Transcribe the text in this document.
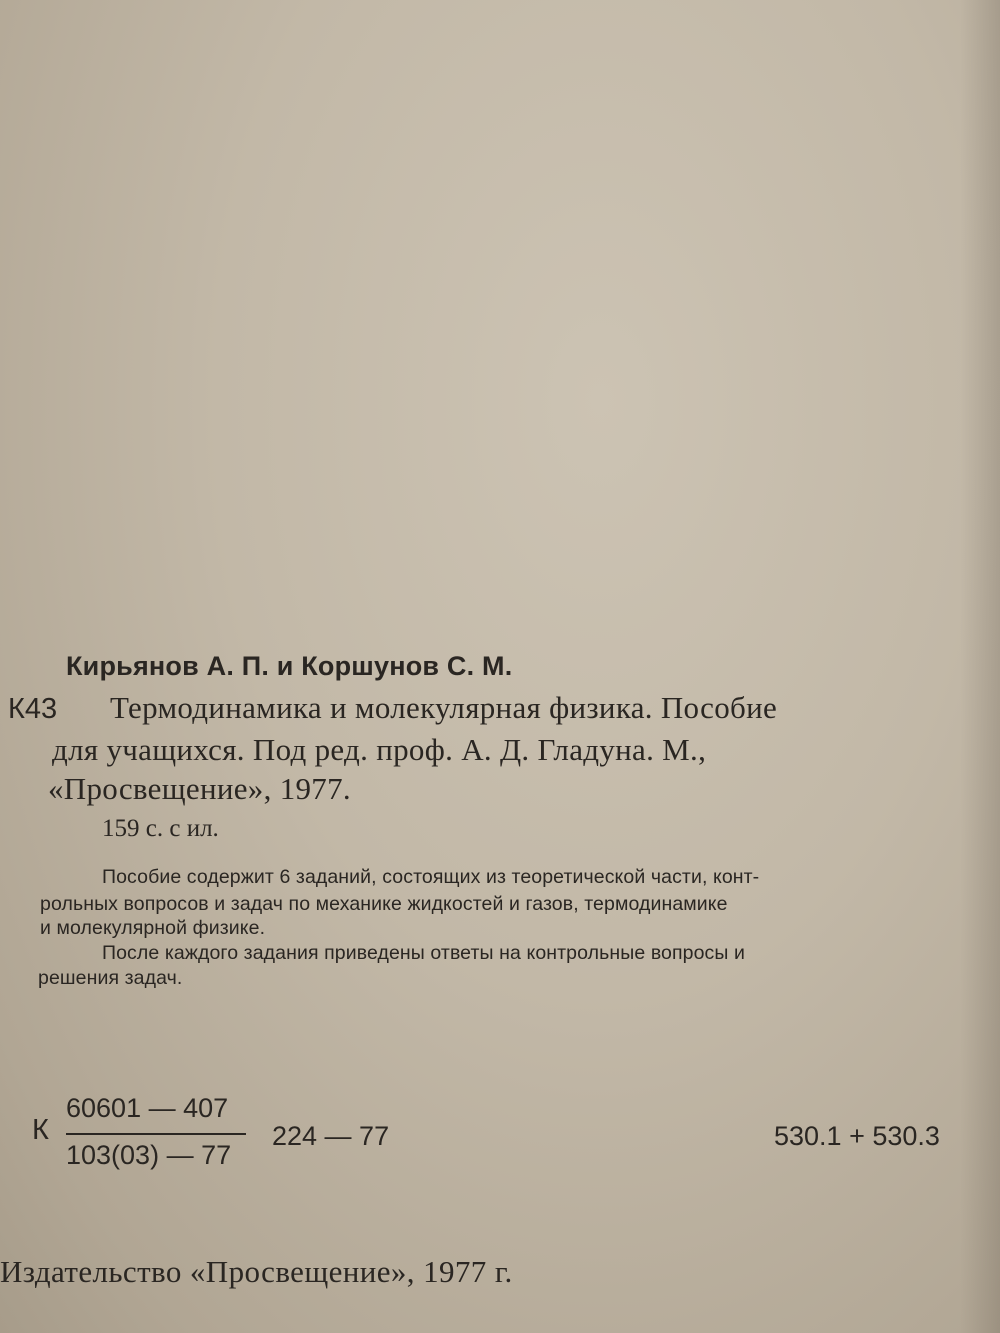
Кирьянов А. П. и Коршунов С. М.
К43 Термодинамика и молекулярная физика. Пособие
для учащихся. Под ред. проф. А. Д. Гладуна. М.,
«Просвещение», 1977.
159 с. с ил.
Пособие содержит 6 заданий, состоящих из теоретической части, конт-
рольных вопросов и задач по механике жидкостей и газов, термодинамике
и молекулярной физике.
После каждого задания приведены ответы на контрольные вопросы и
решения задач.
К
60601 — 407
103(03) — 77
224 — 77	530.1 + 530.3
Издательство «Просвещение», 1977 г.
